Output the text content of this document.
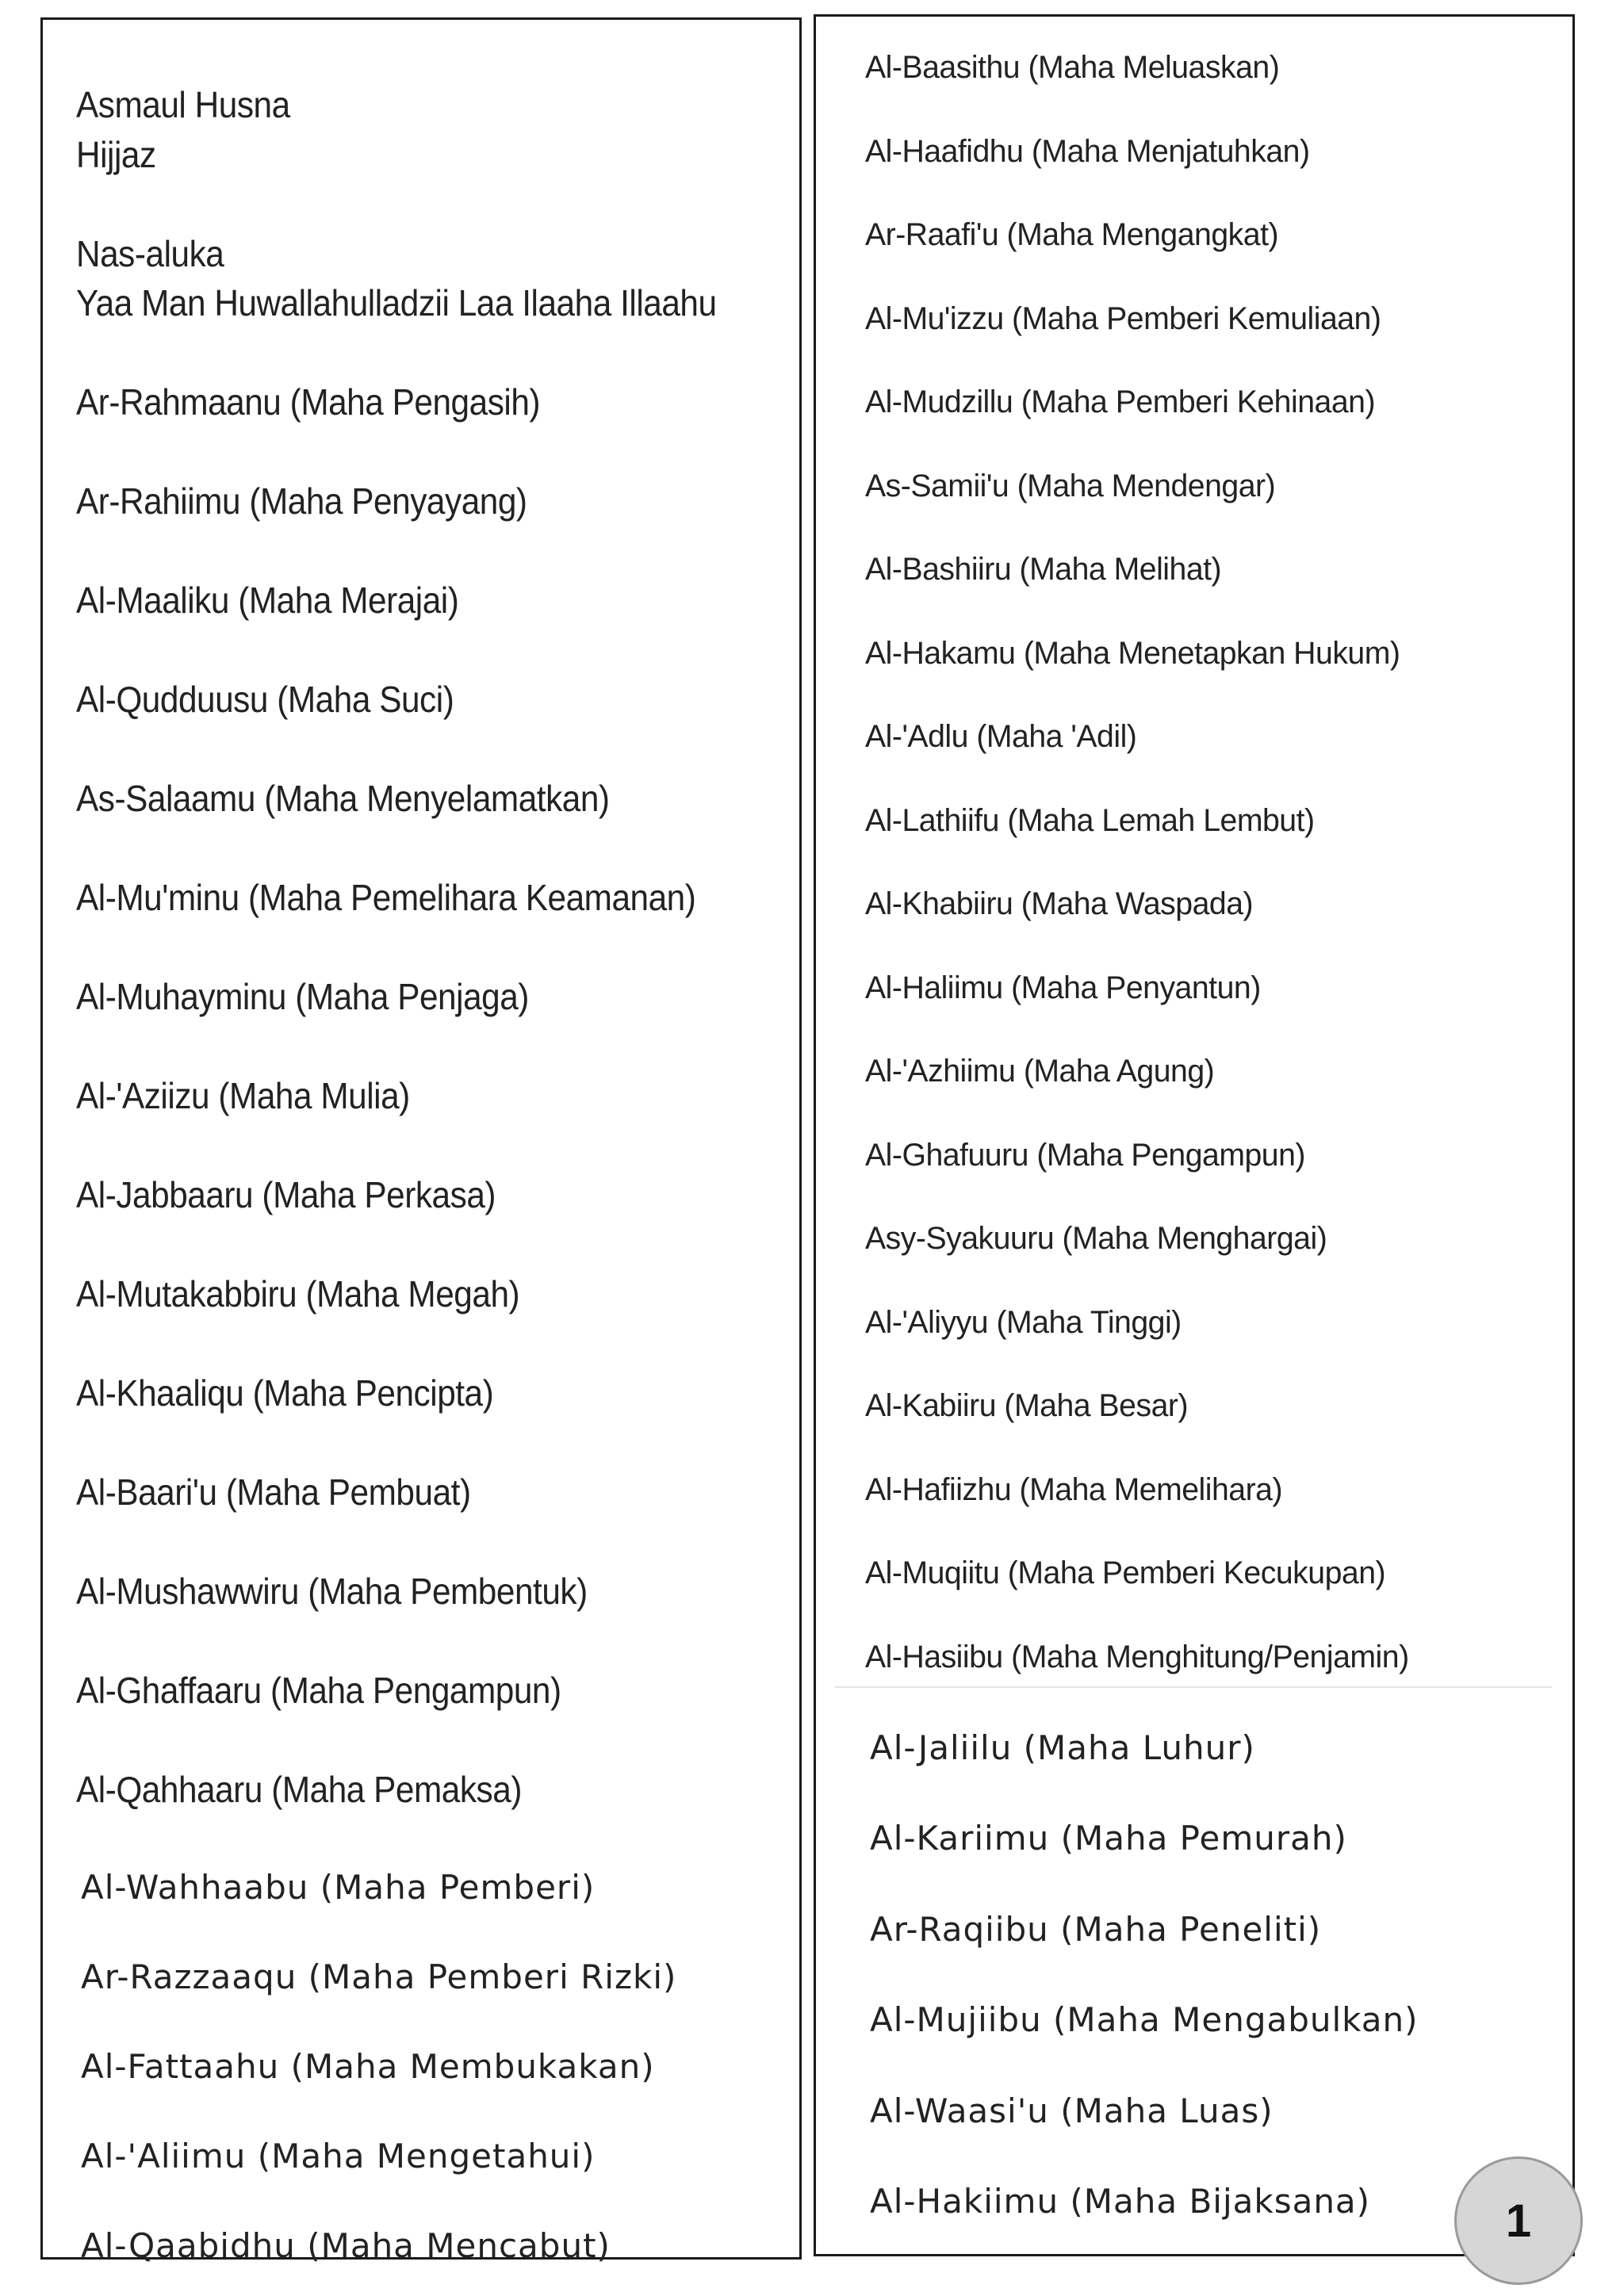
Asmaul Husna
Hijjaz
Nas-aluka
Yaa Man Huwallahulladzii Laa Ilaaha Illaahu
Ar-Rahmaanu (Maha Pengasih)
Ar-Rahiimu (Maha Penyayang)
Al-Maaliku (Maha Merajai)
Al-Qudduusu (Maha Suci)
As-Salaamu (Maha Menyelamatkan)
Al-Mu'minu (Maha Pemelihara Keamanan)
Al-Muhayminu (Maha Penjaga)
Al-'Aziizu (Maha Mulia)
Al-Jabbaaru (Maha Perkasa)
Al-Mutakabbiru (Maha Megah)
Al-Khaaliqu (Maha Pencipta)
Al-Baari'u (Maha Pembuat)
Al-Mushawwiru (Maha Pembentuk)
Al-Ghaffaaru (Maha Pengampun)
Al-Qahhaaru (Maha Pemaksa)
Al-Wahhaabu (Maha Pemberi)
Ar-Razzaaqu (Maha Pemberi Rizki)
Al-Fattaahu (Maha Membukakan)
Al-'Aliimu (Maha Mengetahui)
Al-Qaabidhu (Maha Mencabut)
Al-Baasithu (Maha Meluaskan)
Al-Haafidhu (Maha Menjatuhkan)
Ar-Raafi'u (Maha Mengangkat)
Al-Mu'izzu (Maha Pemberi Kemuliaan)
Al-Mudzillu (Maha Pemberi Kehinaan)
As-Samii'u (Maha Mendengar)
Al-Bashiiru (Maha Melihat)
Al-Hakamu (Maha Menetapkan Hukum)
Al-'Adlu (Maha 'Adil)
Al-Lathiifu (Maha Lemah Lembut)
Al-Khabiiru (Maha Waspada)
Al-Haliimu (Maha Penyantun)
Al-'Azhiimu (Maha Agung)
Al-Ghafuuru (Maha Pengampun)
Asy-Syakuuru (Maha Menghargai)
Al-'Aliyyu (Maha Tinggi)
Al-Kabiiru (Maha Besar)
Al-Hafiizhu (Maha Memelihara)
Al-Muqiitu (Maha Pemberi Kecukupan)
Al-Hasiibu (Maha Menghitung/Penjamin)
Al-Jaliilu (Maha Luhur)
Al-Kariimu (Maha Pemurah)
Ar-Raqiibu (Maha Peneliti)
Al-Mujiibu (Maha Mengabulkan)
Al-Waasi'u (Maha Luas)
Al-Hakiimu (Maha Bijaksana)	1
